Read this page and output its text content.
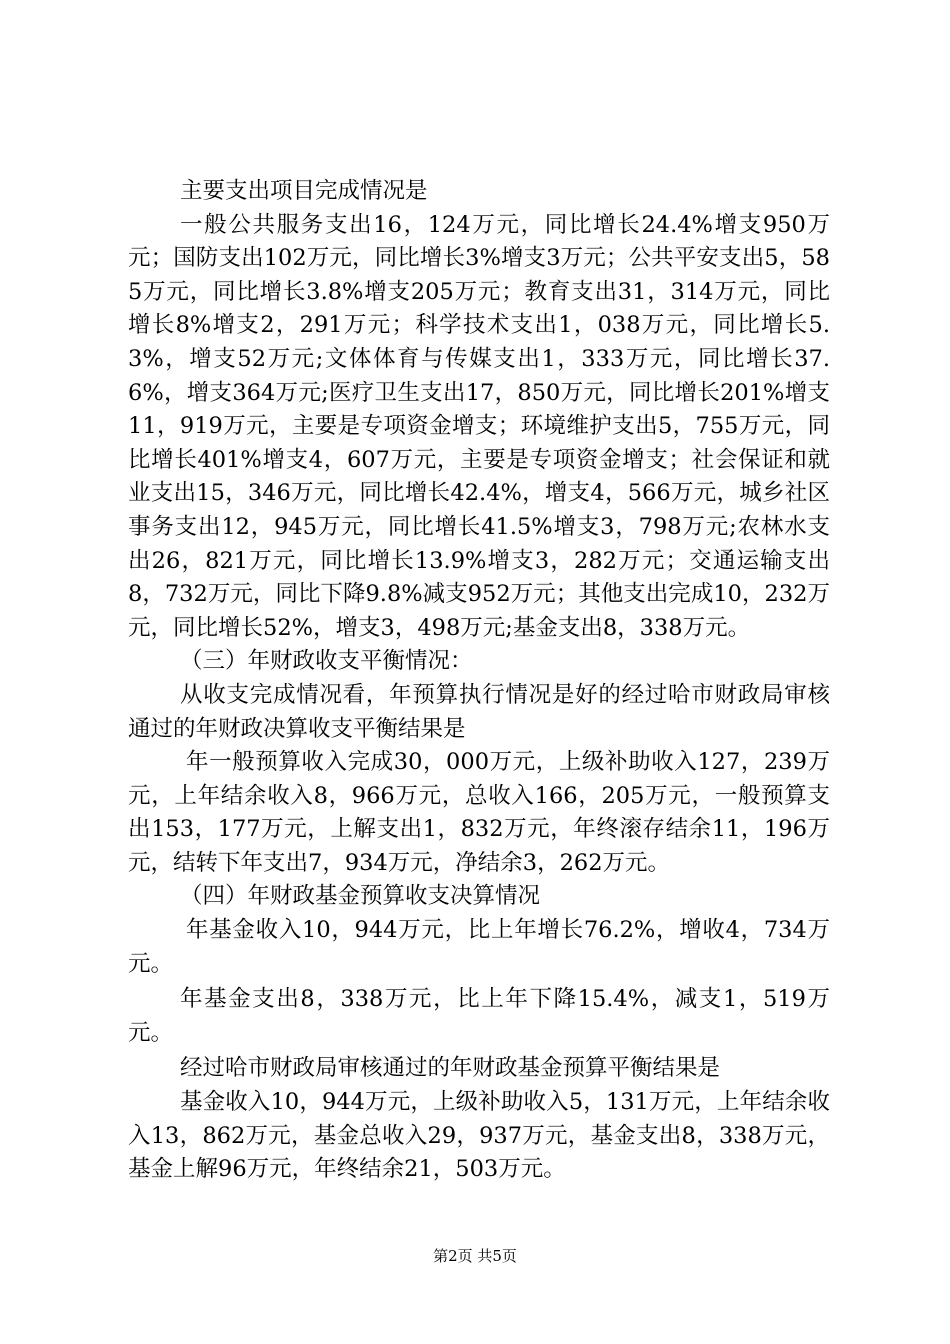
主要支出项目完成情况是

一般公共服务支出16，124万元，同比增长24.4%增支950万元；国防支出102万元，同比增长3%增支3万元；公共平安支出5，585万元，同比增长3.8%增支205万元；教育支出31，314万元，同比增长8%增支2，291万元；科学技术支出1，038万元，同比增长5.3%，增支52万元;文体体育与传媒支出1，333万元，同比增长37.6%，增支364万元;医疗卫生支出17，850万元，同比增长201%增支11，919万元，主要是专项资金增支；环境维护支出5，755万元，同比增长401%增支4，607万元，主要是专项资金增支；社会保证和就业支出15，346万元，同比增长42.4%，增支4，566万元，城乡社区事务支出12，945万元，同比增长41.5%增支3，798万元;农林水支出26，821万元，同比增长13.9%增支3，282万元；交通运输支出8，732万元，同比下降9.8%减支952万元；其他支出完成10，232万元，同比增长52%，增支3，498万元;基金支出8，338万元。

（三）年财政收支平衡情况：

从收支完成情况看，年预算执行情况是好的经过哈市财政局审核通过的年财政决算收支平衡结果是

年一般预算收入完成30，000万元，上级补助收入127，239万元，上年结余收入8，966万元，总收入166，205万元，一般预算支出153，177万元，上解支出1，832万元，年终滚存结余11，196万元，结转下年支出7，934万元，净结余3，262万元。

（四）年财政基金预算收支决算情况

年基金收入10，944万元，比上年增长76.2%，增收4，734万元。

年基金支出8，338万元，比上年下降15.4%，减支1，519万元。

经过哈市财政局审核通过的年财政基金预算平衡结果是

基金收入10，944万元，上级补助收入5，131万元，上年结余收入13，862万元，基金总收入29，937万元，基金支出8，338万元，基金上解96万元，年终结余21，503万元。

第2页 共5页
